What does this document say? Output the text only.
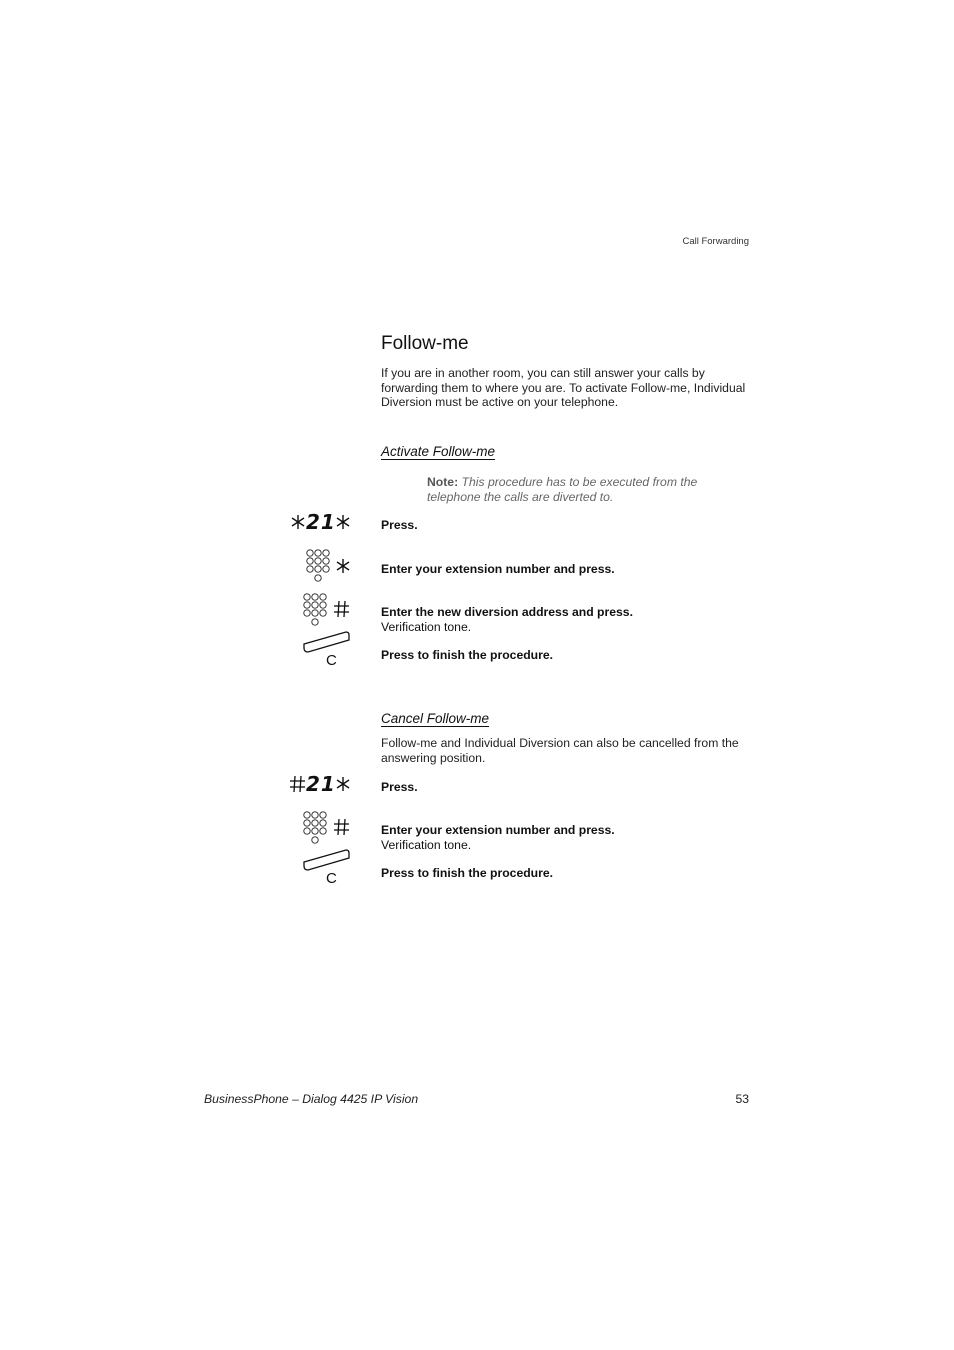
Call Forwarding
Follow-me
If you are in another room, you can still answer your calls by forwarding them to where you are. To activate Follow-me, Individual Diversion must be active on your telephone.
Activate Follow-me
Note: This procedure has to be executed from the telephone the calls are diverted to.
21	Press.
Enter your extension number and press.
Enter the new diversion address and press.
Verification tone.
C	Press to finish the procedure.
Cancel Follow-me
Follow-me and Individual Diversion can also be cancelled from the answering position.
21	Press.
Enter your extension number and press.
Verification tone.
C	Press to finish the procedure.
BusinessPhone – Dialog 4425 IP Vision	53
